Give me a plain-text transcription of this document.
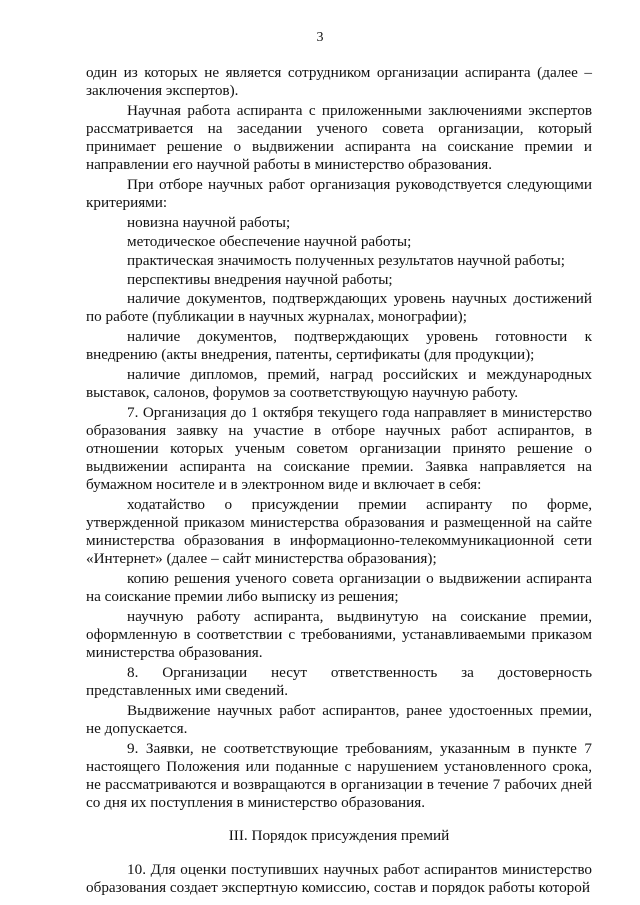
3

один из которых не является сотрудником организации аспиранта (далее – заключения экспертов).

Научная работа аспиранта с приложенными заключениями экспертов рассматривается на заседании ученого совета организации, который принимает решение о выдвижении аспиранта на соискание премии и направлении его научной работы в министерство образования.

При отборе научных работ организация руководствуется следующими критериями:

новизна научной работы;

методическое обеспечение научной работы;

практическая значимость полученных результатов научной работы;

перспективы внедрения научной работы;

наличие документов, подтверждающих уровень научных достижений по работе (публикации в научных журналах, монографии);

наличие документов, подтверждающих уровень готовности к внедрению (акты внедрения, патенты, сертификаты (для продукции);

наличие дипломов, премий, наград российских и международных выставок, салонов, форумов за соответствующую научную работу.

7. Организация до 1 октября текущего года направляет в министерство образования заявку на участие в отборе научных работ аспирантов, в отношении которых ученым советом организации принято решение о выдвижении аспиранта на соискание премии. Заявка направляется на бумажном носителе и в электронном виде и включает в себя:

ходатайство о присуждении премии аспиранту по форме, утвержденной приказом министерства образования и размещенной на сайте министерства образования в информационно-телекоммуникационной сети «Интернет» (далее – сайт министерства образования);

копию решения ученого совета организации о выдвижении аспиранта на соискание премии либо выписку из решения;

научную работу аспиранта, выдвинутую на соискание премии, оформленную в соответствии с требованиями, устанавливаемыми приказом министерства образования.

8. Организации несут ответственность за достоверность представленных ими сведений.

Выдвижение научных работ аспирантов, ранее удостоенных премии, не допускается.

9. Заявки, не соответствующие требованиям, указанным в пункте 7 настоящего Положения или поданные с нарушением установленного срока, не рассматриваются и возвращаются в организации в течение 7 рабочих дней со дня их поступления в министерство образования.

III. Порядок присуждения премий

10. Для оценки поступивших научных работ аспирантов министерство образования создает экспертную комиссию, состав и порядок работы которой
